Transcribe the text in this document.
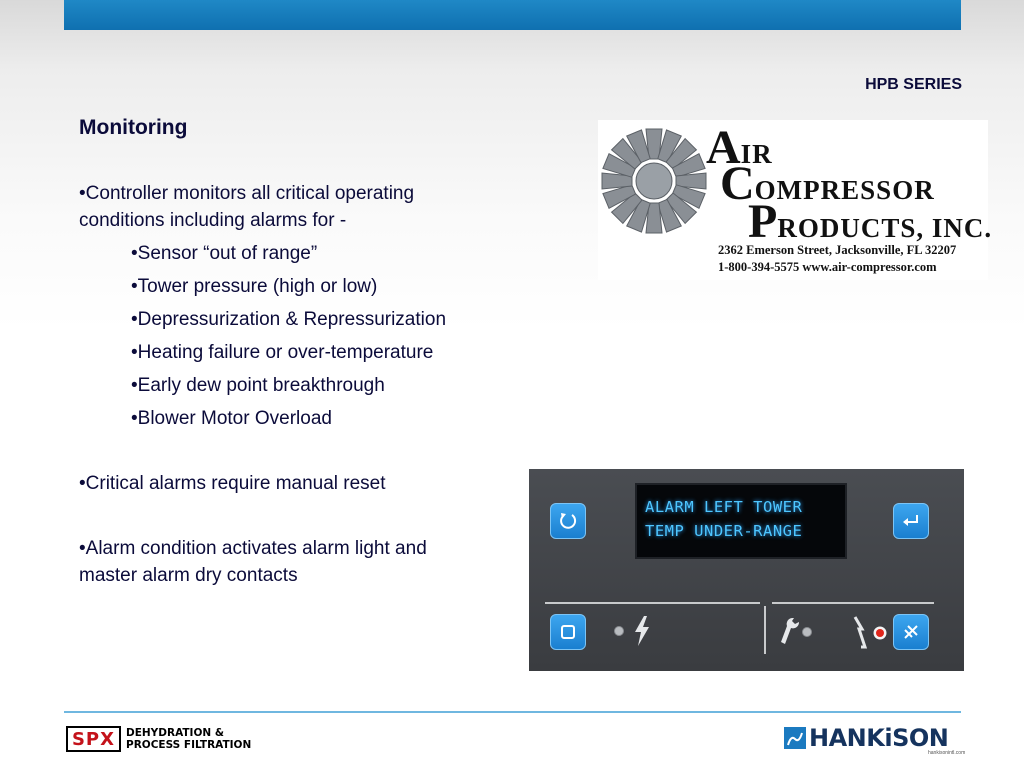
HPB SERIES
Monitoring

•Controller monitors all critical operating conditions including alarms for -

•Sensor “out of range”

•Tower pressure (high or low)

•Depressurization & Repressurization

•Heating failure or over-temperature

•Early dew point breakthrough

•Blower Motor Overload

•Critical alarms require manual reset

•Alarm condition activates alarm light and master alarm dry contacts

AIR
COMPRESSOR
PRODUCTS, INC.
2362 Emerson Street, Jacksonville, FL 32207
1-800-394-5575 www.air-compressor.com
ALARM LEFT TOWER
TEMP UNDER-RANGE
SPX DEHYDRATION &
PROCESS FILTRATION	HANKiSON
hankisonintl.com
